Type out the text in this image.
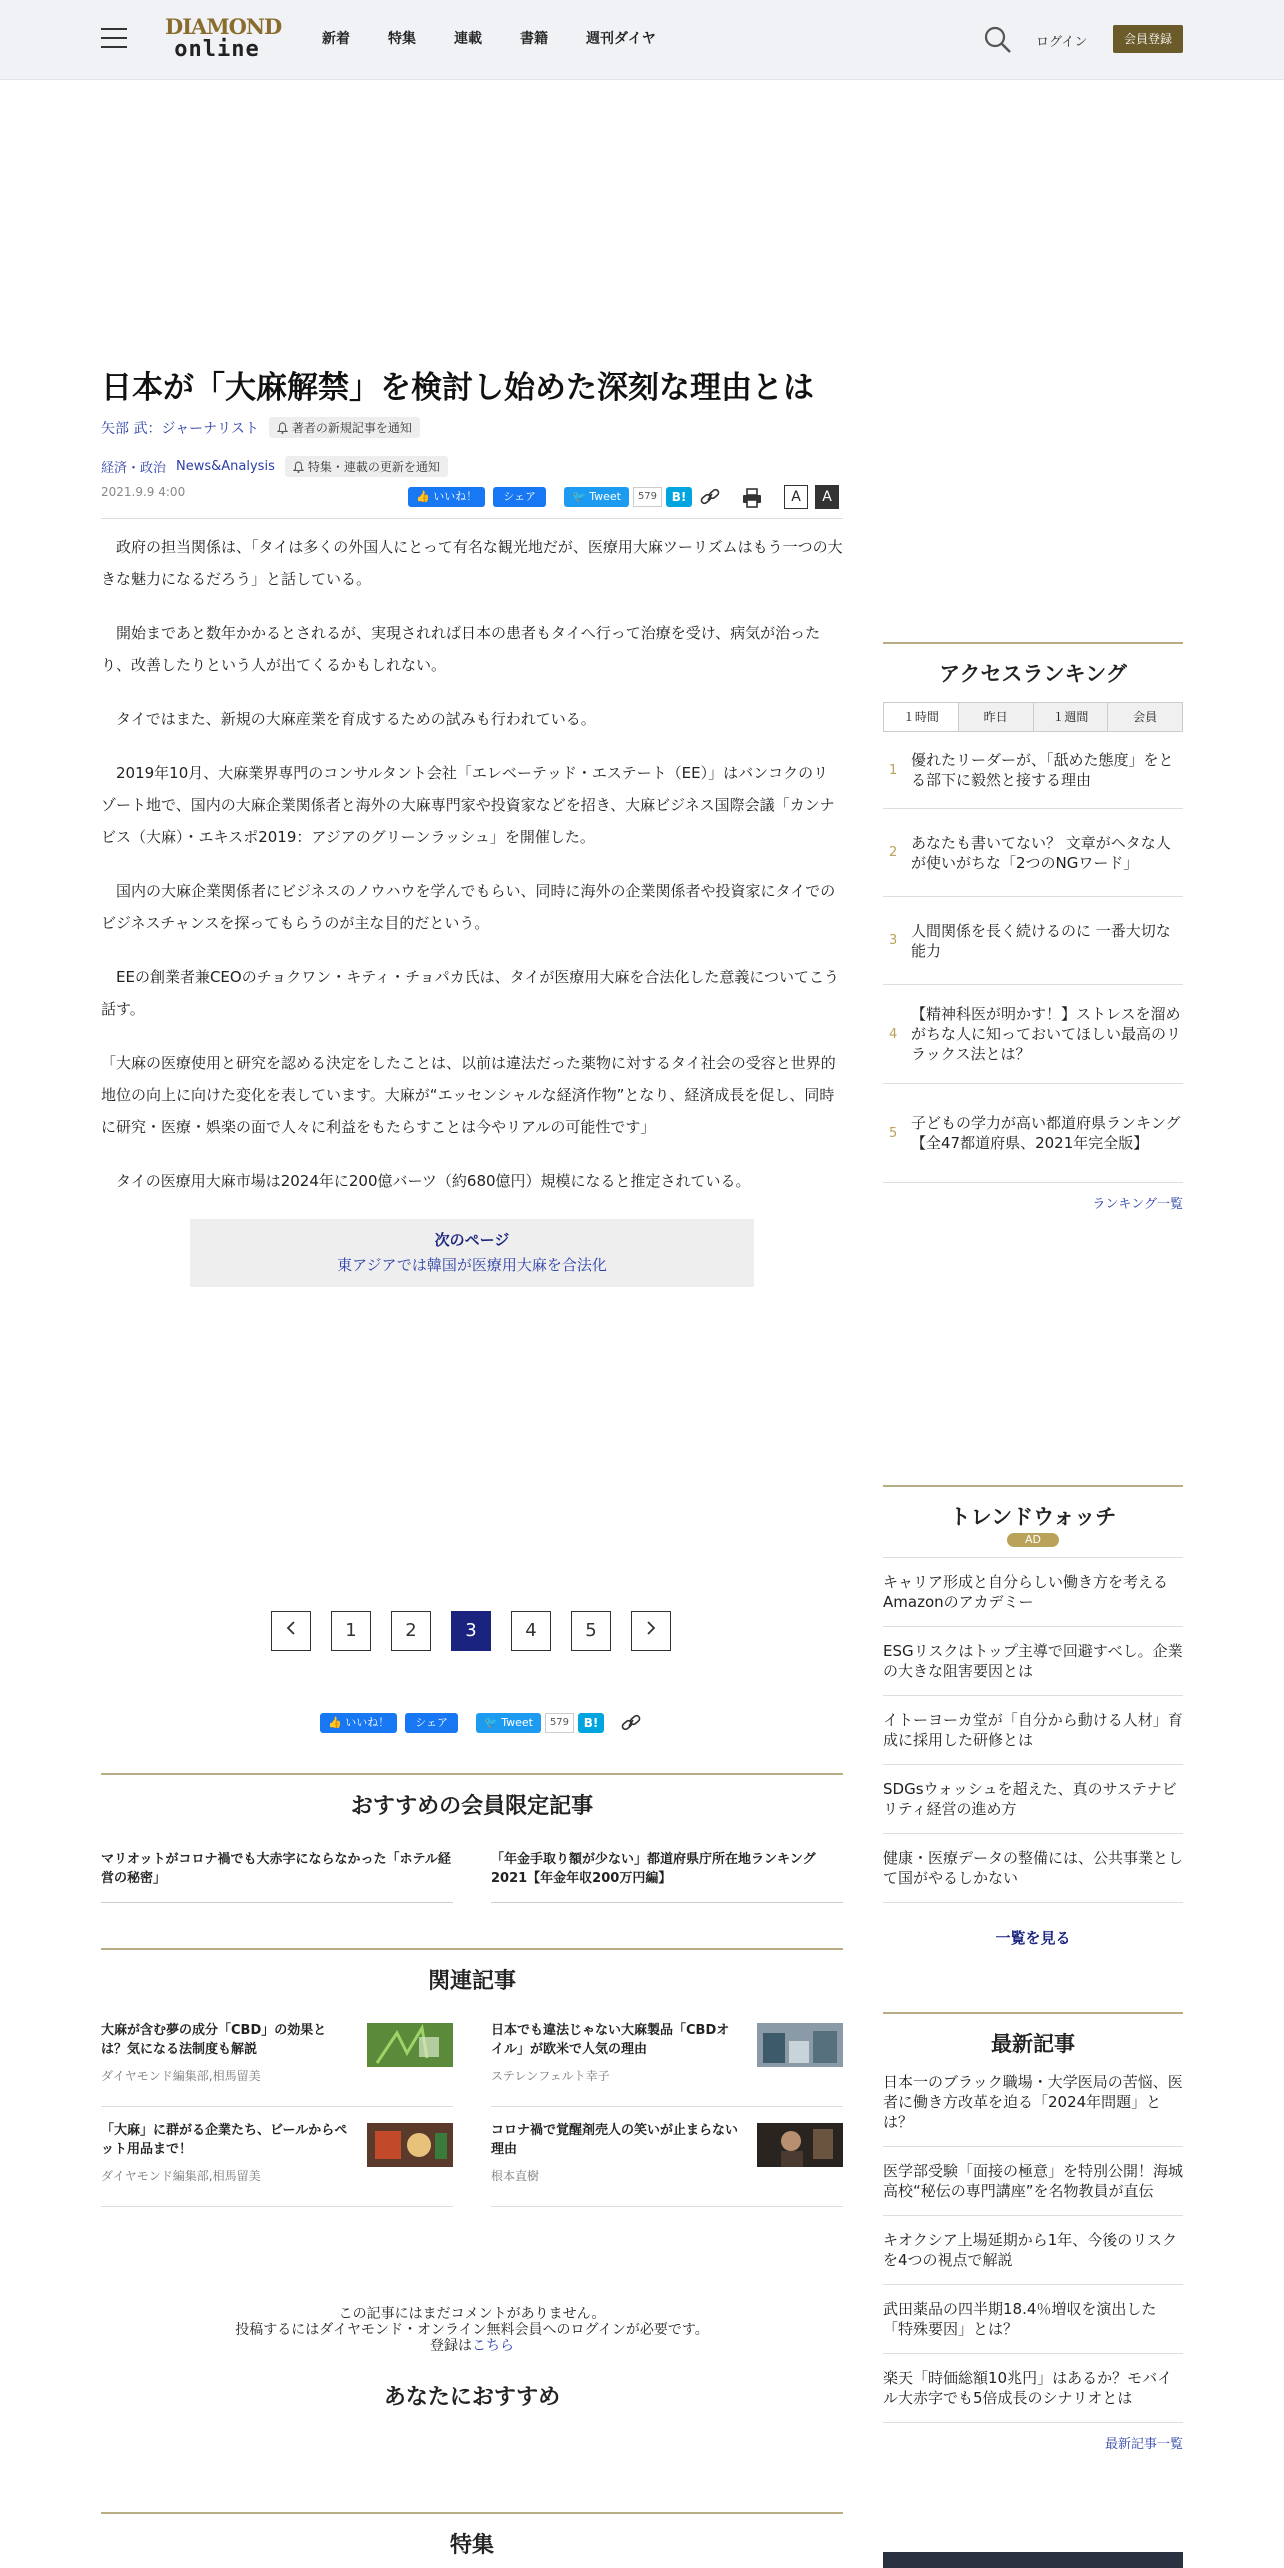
DIAMOND
online	新着	特集	連載	書籍	週刊ダイヤ	ログイン	会員登録
日本が「大麻解禁」を検討し始めた深刻な理由とは
矢部 武：ジャーナリスト	著者の新規記事を通知
経済・政治 News&Analysis	特集・連載の更新を通知
2021.9.9 4:00	👍 いいね！	シェア	🐦 Tweet	579	B!	A	A

政府の担当関係は、「タイは多くの外国人にとって有名な観光地だが、医療用大麻ツーリズムはもう一つの大きな魅力になるだろう」と話している。

開始まであと数年かかるとされるが、実現されれば日本の患者もタイへ行って治療を受け、病気が治ったり、改善したりという人が出てくるかもしれない。

タイではまた、新規の大麻産業を育成するための試みも行われている。

2019年10月、大麻業界専門のコンサルタント会社「エレベーテッド・エステート（EE）」はバンコクのリゾート地で、国内の大麻企業関係者と海外の大麻専門家や投資家などを招き、大麻ビジネス国際会議「カンナビス（大麻）・エキスポ2019：アジアのグリーンラッシュ」を開催した。

国内の大麻企業関係者にビジネスのノウハウを学んでもらい、同時に海外の企業関係者や投資家にタイでのビジネスチャンスを探ってもらうのが主な目的だという。

EEの創業者兼CEOのチョクワン・キティ・チョパカ氏は、タイが医療用大麻を合法化した意義についてこう話す。

「大麻の医療使用と研究を認める決定をしたことは、以前は違法だった薬物に対するタイ社会の受容と世界的地位の向上に向けた変化を表しています。大麻が“エッセンシャルな経済作物”となり、経済成長を促し、同時に研究・医療・娯楽の面で人々に利益をもたらすことは今やリアルの可能性です」

タイの医療用大麻市場は2024年に200億バーツ（約680億円）規模になると推定されている。

次のページ
東アジアでは韓国が医療用大麻を合法化
1	2	3	4	5
👍 いいね！	シェア	🐦 Tweet	579	B!
おすすめの会員限定記事
マリオットがコロナ禍でも大赤字にならなかった「ホテル経営の秘密」
「年金手取り額が少ない」都道府県庁所在地ランキング2021【年金年収200万円編】
関連記事
大麻が含む夢の成分「CBD」の効果とは？気になる法制度も解説
ダイヤモンド編集部,相馬留美
日本でも違法じゃない大麻製品「CBDオイル」が欧米で人気の理由
ステレンフェルト幸子
「大麻」に群がる企業たち、ビールからペット用品まで！
ダイヤモンド編集部,相馬留美
コロナ禍で覚醒剤売人の笑いが止まらない理由
根本直樹
この記事にはまだコメントがありません。
投稿するにはダイヤモンド・オンライン無料会員へのログインが必要です。
登録はこちら
あなたにおすすめ
特集
アクセスランキング
１時間	昨日	１週間	会員
1
優れたリーダーが、「舐めた態度」をとる部下に毅然と接する理由
2
あなたも書いてない？ 文章がヘタな人が使いがちな「2つのNGワード」
3
人間関係を長く続けるのに 一番大切な能力
4
【精神科医が明かす！】ストレスを溜めがちな人に知っておいてほしい最高のリラックス法とは？
5
子どもの学力が高い都道府県ランキング【全47都道府県、2021年完全版】
ランキング一覧
トレンドウォッチ
AD
キャリア形成と自分らしい働き方を考えるAmazonのアカデミー
ESGリスクはトップ主導で回避すべし。企業の大きな阻害要因とは
イトーヨーカ堂が「自分から動ける人材」育成に採用した研修とは
SDGsウォッシュを超えた、真のサステナビリティ経営の進め方
健康・医療データの整備には、公共事業として国がやるしかない
一覧を見る
最新記事
日本一のブラック職場・大学医局の苦悩、医者に働き方改革を迫る「2024年問題」とは？
医学部受験「面接の極意」を特別公開！海城高校“秘伝の専門講座”を名物教員が直伝
キオクシア上場延期から1年、今後のリスクを4つの視点で解説
武田薬品の四半期18.4％増収を演出した「特殊要因」とは？
楽天「時価総額10兆円」はあるか？モバイル大赤字でも5倍成長のシナリオとは
最新記事一覧
